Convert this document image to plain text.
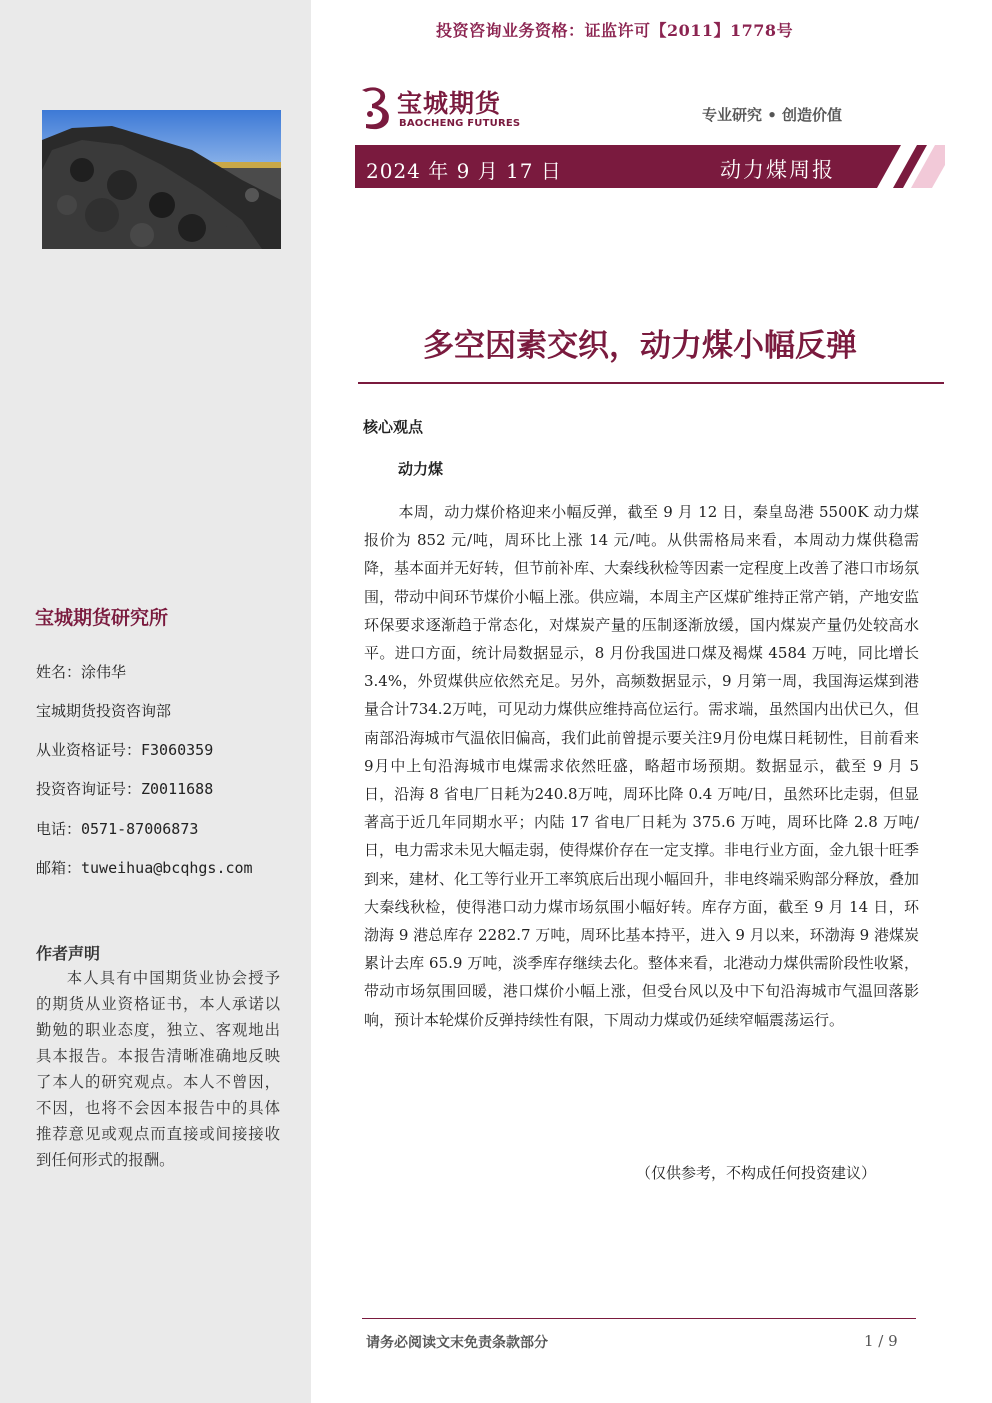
宝城期货研究所
姓名：涂伟华
宝城期货投资咨询部
从业资格证号：F3060359
投资咨询证号：Z0011688
电话：0571-87006873
邮箱：tuweihua@bcqhgs.com
作者声明
本人具有中国期货业协会授予的期货从业资格证书，本人承诺以勤勉的职业态度，独立、客观地出具本报告。本报告清晰准确地反映了本人的研究观点。本人不曾因，不因，也将不会因本报告中的具体推荐意见或观点而直接或间接接收到任何形式的报酬。
投资咨询业务资格：证监许可【2011】1778号
宝城期货
BAOCHENG FUTURES	专业研究 • 创造价值
2024 年 9 月 17 日	动力煤周报
多空因素交织，动力煤小幅反弹
核心观点
动力煤
本周，动力煤价格迎来小幅反弹，截至 9 月 12 日，秦皇岛港 5500K 动力煤报价为 852 元/吨，周环比上涨 14 元/吨。从供需格局来看，本周动力煤供稳需降，基本面并无好转，但节前补库、大秦线秋检等因素一定程度上改善了港口市场氛围，带动中间环节煤价小幅上涨。供应端，本周主产区煤矿维持正常产销，产地安监环保要求逐渐趋于常态化，对煤炭产量的压制逐渐放缓，国内煤炭产量仍处较高水平。进口方面，统计局数据显示，8 月份我国进口煤及褐煤 4584 万吨，同比增长 3.4%，外贸煤供应依然充足。另外，高频数据显示，9 月第一周，我国海运煤到港量合计734.2万吨，可见动力煤供应维持高位运行。需求端，虽然国内出伏已久，但南部沿海城市气温依旧偏高，我们此前曾提示要关注9月份电煤日耗韧性，目前看来9月中上旬沿海城市电煤需求依然旺盛，略超市场预期。数据显示，截至 9 月 5 日，沿海 8 省电厂日耗为240.8万吨，周环比降 0.4 万吨/日，虽然环比走弱，但显著高于近几年同期水平；内陆 17 省电厂日耗为 375.6 万吨，周环比降 2.8 万吨/日，电力需求未见大幅走弱，使得煤价存在一定支撑。非电行业方面，金九银十旺季到来，建材、化工等行业开工率筑底后出现小幅回升，非电终端采购部分释放，叠加大秦线秋检，使得港口动力煤市场氛围小幅好转。库存方面，截至 9 月 14 日，环渤海 9 港总库存 2282.7 万吨，周环比基本持平，进入 9 月以来，环渤海 9 港煤炭累计去库 65.9 万吨，淡季库存继续去化。整体来看，北港动力煤供需阶段性收紧，带动市场氛围回暖，港口煤价小幅上涨，但受台风以及中下旬沿海城市气温回落影响，预计本轮煤价反弹持续性有限，下周动力煤或仍延续窄幅震荡运行。
（仅供参考，不构成任何投资建议）
请务必阅读文末免责条款部分	1 / 9
